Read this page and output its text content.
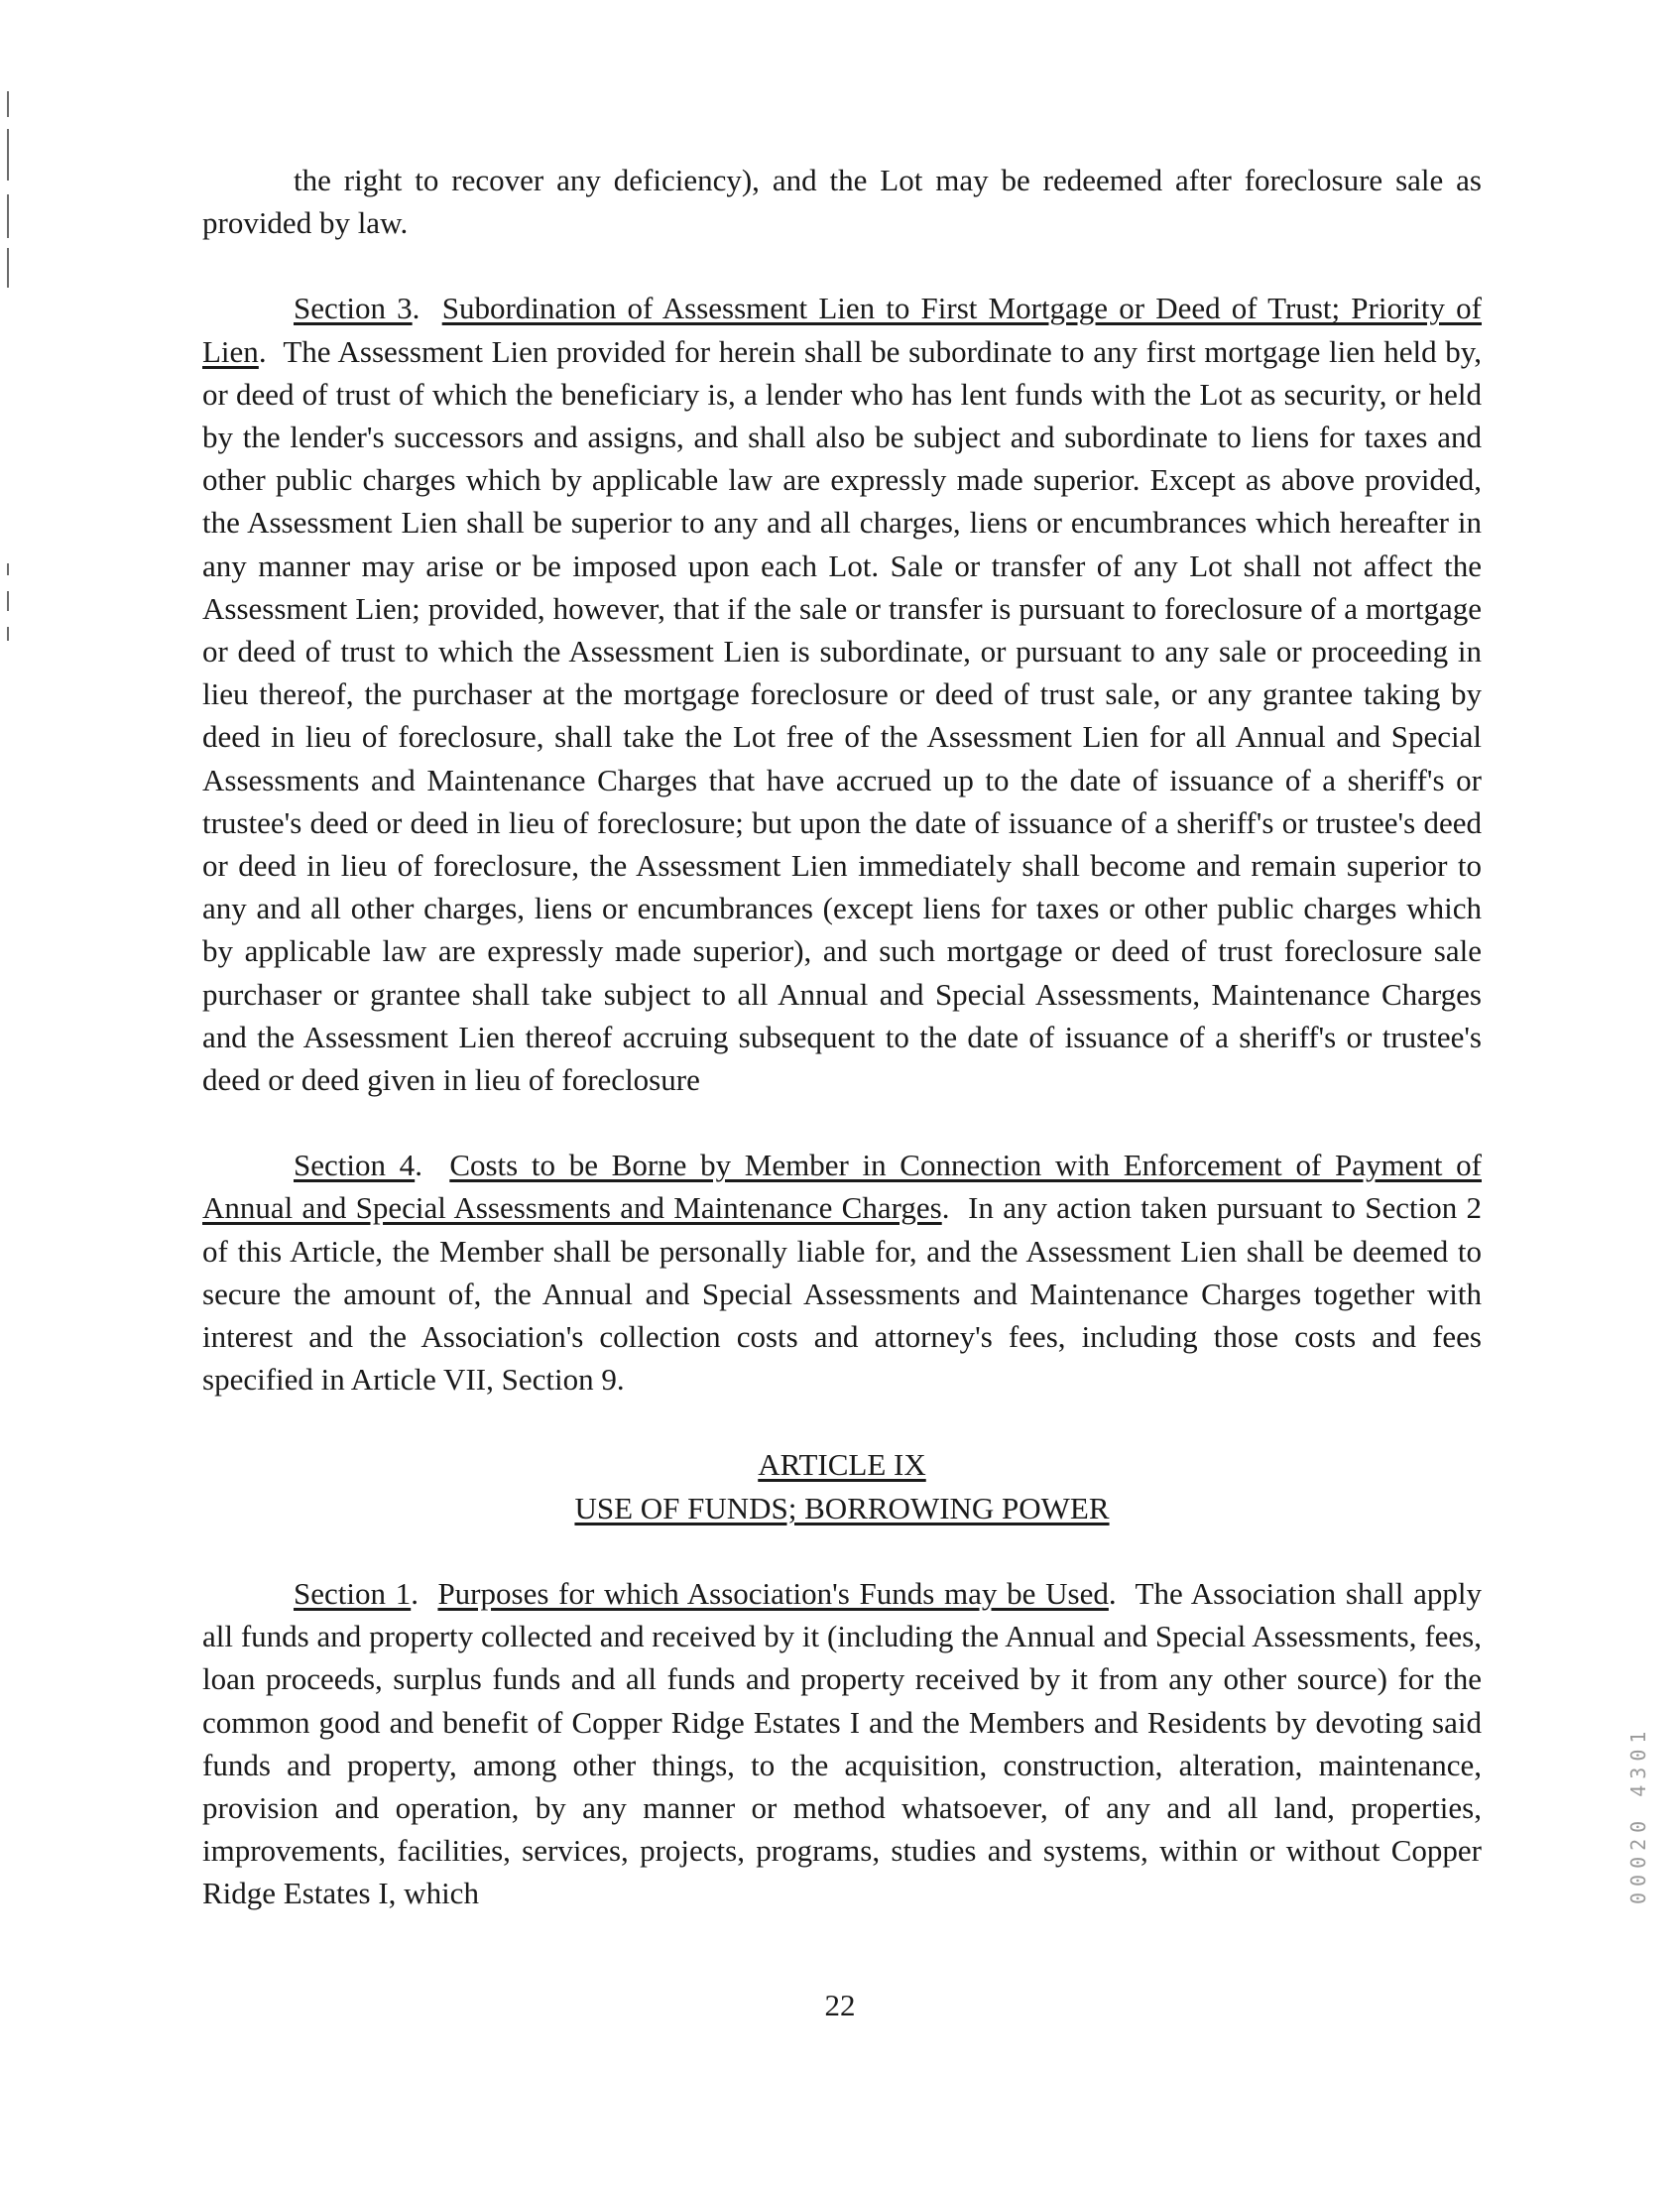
the right to recover any deficiency), and the Lot may be redeemed after foreclosure sale as provided by law.

Section 3.  Subordination of Assessment Lien to First Mortgage or Deed of Trust; Priority of Lien.  The Assessment Lien provided for herein shall be subordinate to any first mortgage lien held by, or deed of trust of which the beneficiary is, a lender who has lent funds with the Lot as security, or held by the lender's successors and assigns, and shall also be subject and subordinate to liens for taxes and other public charges which by applicable law are expressly made superior. Except as above provided, the Assessment Lien shall be superior to any and all charges, liens or encumbrances which hereafter in any manner may arise or be imposed upon each Lot. Sale or transfer of any Lot shall not affect the Assessment Lien; provided, however, that if the sale or transfer is pursuant to foreclosure of a mortgage or deed of trust to which the Assessment Lien is subordinate, or pursuant to any sale or proceeding in lieu thereof, the purchaser at the mortgage foreclosure or deed of trust sale, or any grantee taking by deed in lieu of foreclosure, shall take the Lot free of the Assessment Lien for all Annual and Special Assessments and Maintenance Charges that have accrued up to the date of issuance of a sheriff's or trustee's deed or deed in lieu of foreclosure; but upon the date of issuance of a sheriff's or trustee's deed or deed in lieu of foreclosure, the Assessment Lien immediately shall become and remain superior to any and all other charges, liens or encumbrances (except liens for taxes or other public charges which by applicable law are expressly made superior), and such mortgage or deed of trust foreclosure sale purchaser or grantee shall take subject to all Annual and Special Assessments, Maintenance Charges and the Assessment Lien thereof accruing subsequent to the date of issuance of a sheriff's or trustee's deed or deed given in lieu of foreclosure

Section 4.  Costs to be Borne by Member in Connection with Enforcement of Payment of Annual and Special Assessments and Maintenance Charges.  In any action taken pursuant to Section 2 of this Article, the Member shall be personally liable for, and the Assessment Lien shall be deemed to secure the amount of, the Annual and Special Assessments and Maintenance Charges together with interest and the Association's collection costs and attorney's fees, including those costs and fees specified in Article VII, Section 9.

ARTICLE IX
USE OF FUNDS; BORROWING POWER

Section 1.  Purposes for which Association's Funds may be Used.  The Association shall apply all funds and property collected and received by it (including the Annual and Special Assessments, fees, loan proceeds, surplus funds and all funds and property received by it from any other source) for the common good and benefit of Copper Ridge Estates I and the Members and Residents by devoting said funds and property, among other things, to the acquisition, construction, alteration, maintenance, provision and operation, by any manner or method whatsoever, of any and all land, properties, improvements, facilities, services, projects, programs, studies and systems, within or without Copper Ridge Estates I, which

22
00020 4301
